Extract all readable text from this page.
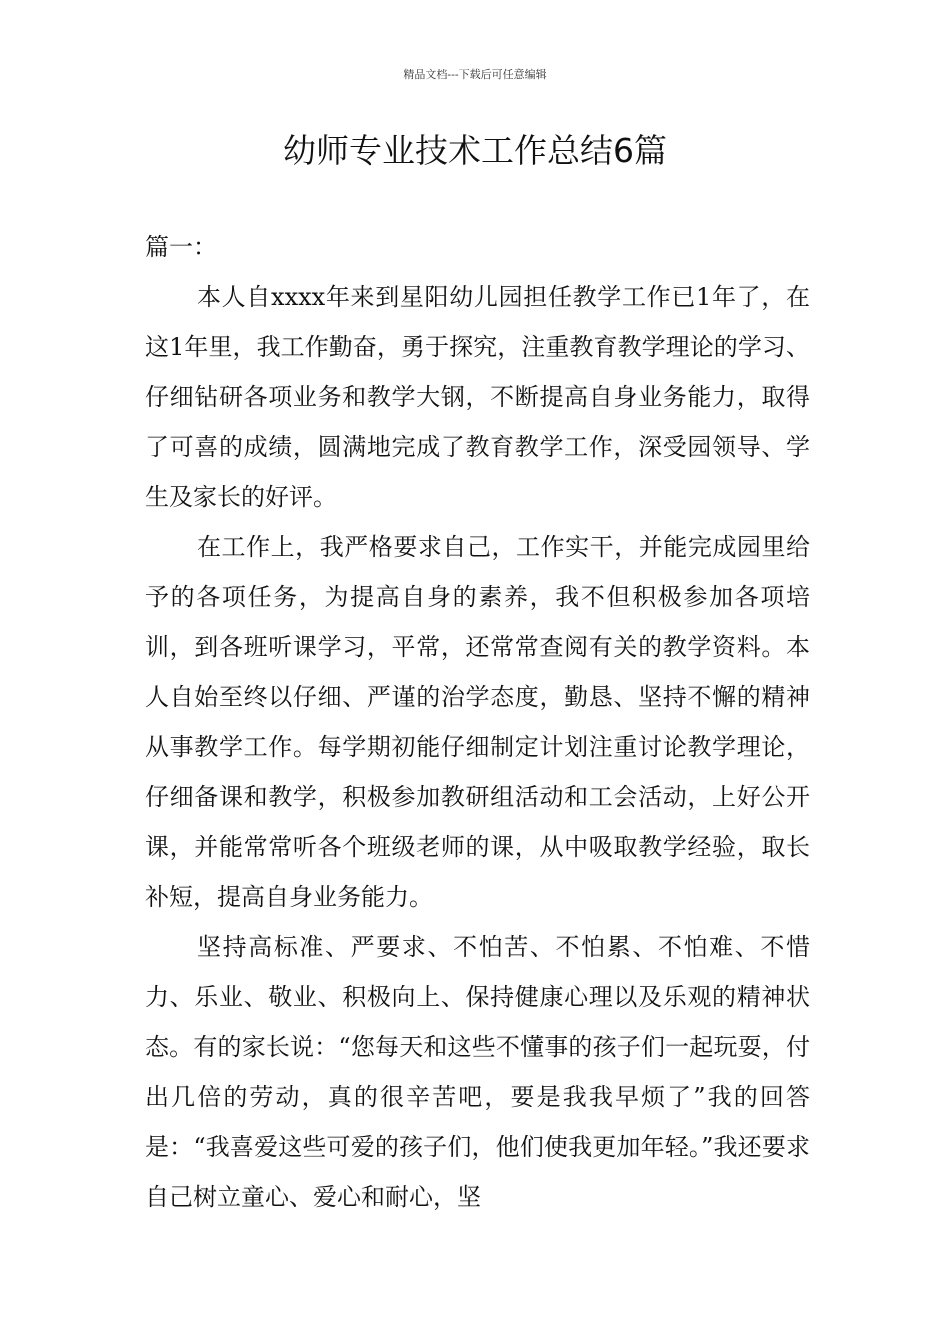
精品文档---下载后可任意编辑
幼师专业技术工作总结6篇

篇一：

本人自xxxx年来到星阳幼儿园担任教学工作已1年了，在这1年里，我工作勤奋，勇于探究，注重教育教学理论的学习、仔细钻研各项业务和教学大钢，不断提高自身业务能力，取得了可喜的成绩，圆满地完成了教育教学工作，深受园领导、学生及家长的好评。

在工作上，我严格要求自己，工作实干，并能完成园里给予的各项任务，为提高自身的素养，我不但积极参加各项培训，到各班听课学习，平常，还常常查阅有关的教学资料。本人自始至终以仔细、严谨的治学态度，勤恳、坚持不懈的精神从事教学工作。每学期初能仔细制定计划注重讨论教学理论，仔细备课和教学，积极参加教研组活动和工会活动，上好公开课，并能常常听各个班级老师的课，从中吸取教学经验，取长补短，提高自身业务能力。

坚持高标准、严要求、不怕苦、不怕累、不怕难、不惜力、乐业、敬业、积极向上、保持健康心理以及乐观的精神状态。有的家长说：“您每天和这些不懂事的孩子们一起玩耍，付出几倍的劳动，真的很辛苦吧，要是我我早烦了”我的回答是：“我喜爱这些可爱的孩子们，他们使我更加年轻。”我还要求自己树立童心、爱心和耐心，坚
